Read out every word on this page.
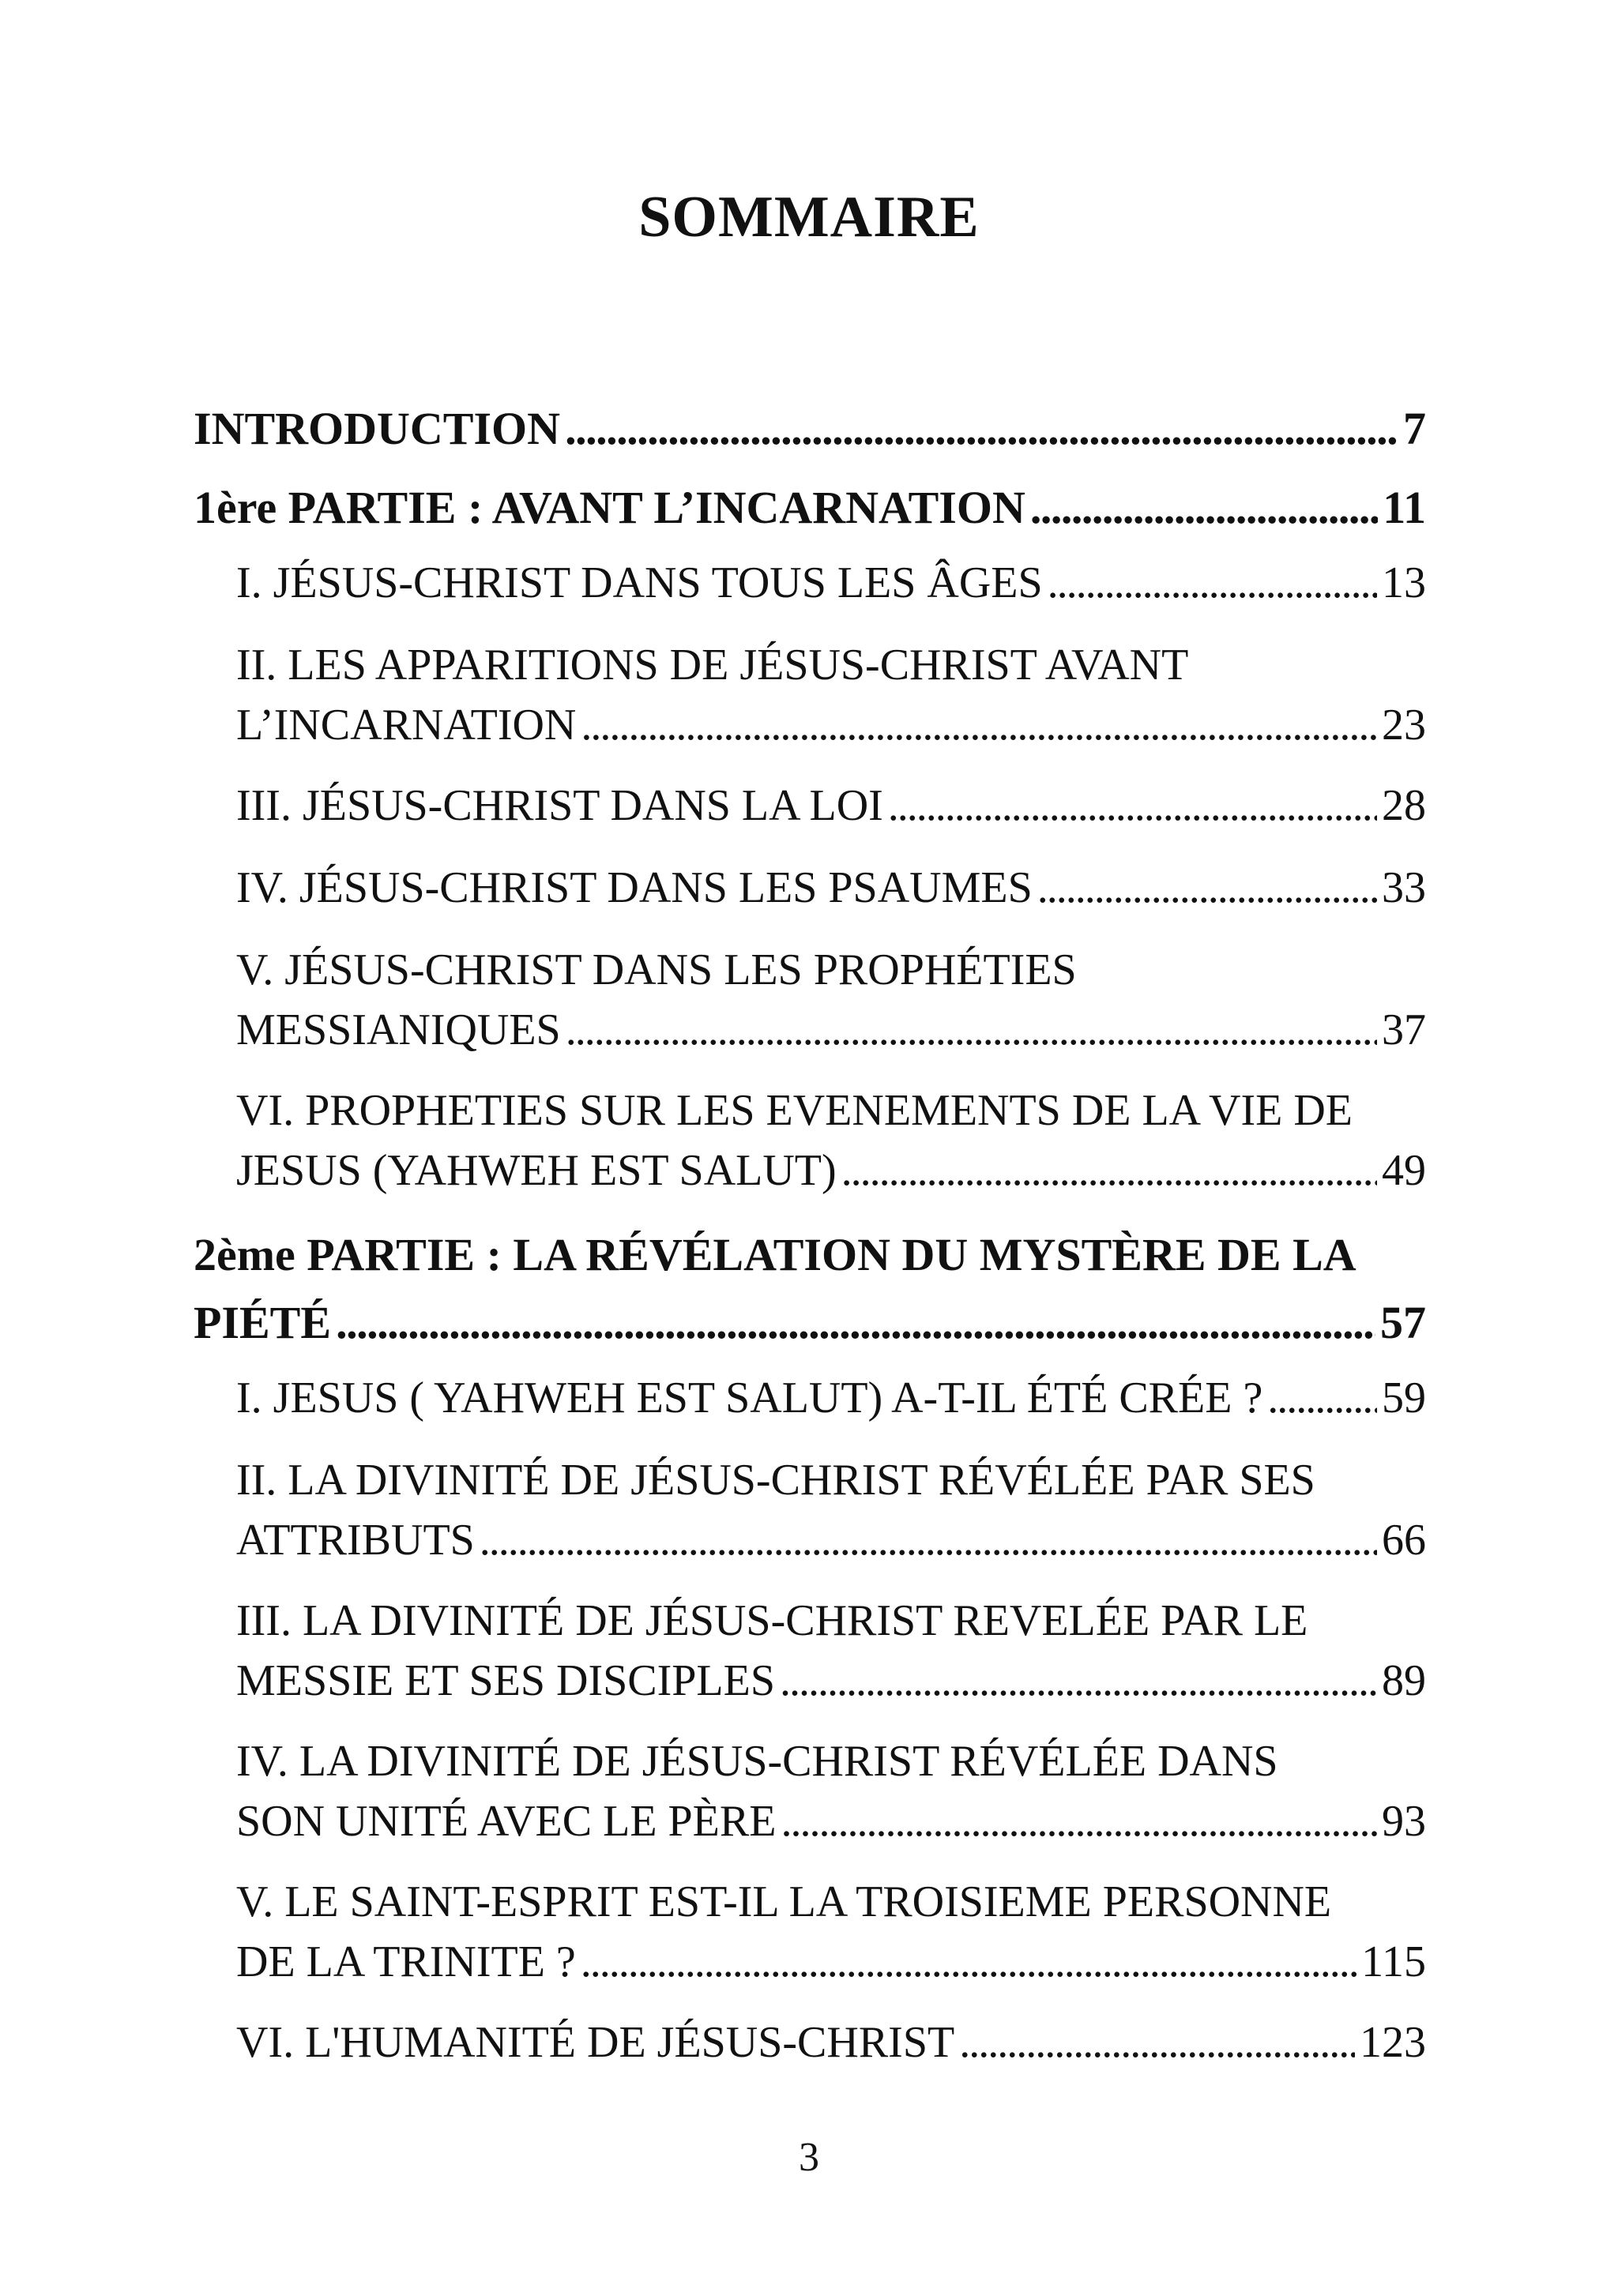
SOMMAIRE
INTRODUCTION . . .	7
1ère PARTIE : AVANT L’INCARNATION . . .	11
I. JÉSUS-CHRIST DANS TOUS LES ÂGES . . .	13
II. LES APPARITIONS DE JÉSUS-CHRIST AVANT
L’INCARNATION . . .	23
III. JÉSUS-CHRIST DANS LA LOI . . .	28
IV. JÉSUS-CHRIST DANS LES PSAUMES . . .	33
V. JÉSUS-CHRIST DANS LES PROPHÉTIES
MESSIANIQUES . . .	37
VI. PROPHETIES SUR LES EVENEMENTS DE LA VIE DE
JESUS (YAHWEH EST SALUT) . . .	49
2ème PARTIE : LA RÉVÉLATION DU MYSTÈRE DE LA
PIÉTÉ . . .	57
I. JESUS ( YAHWEH EST SALUT) A-T-IL ÉTÉ CRÉE ? . . .	59
II. LA DIVINITÉ DE JÉSUS-CHRIST RÉVÉLÉE PAR SES
ATTRIBUTS . . .	66
III. LA DIVINITÉ DE JÉSUS-CHRIST REVELÉE PAR LE
MESSIE ET SES DISCIPLES . . .	89
IV. LA DIVINITÉ DE JÉSUS-CHRIST RÉVÉLÉE DANS
SON UNITÉ AVEC LE PÈRE . . .	93
V. LE SAINT-ESPRIT EST-IL LA TROISIEME PERSONNE
DE LA TRINITE ? . . .	115
VI. L'HUMANITÉ DE JÉSUS-CHRIST . . .	123
3
